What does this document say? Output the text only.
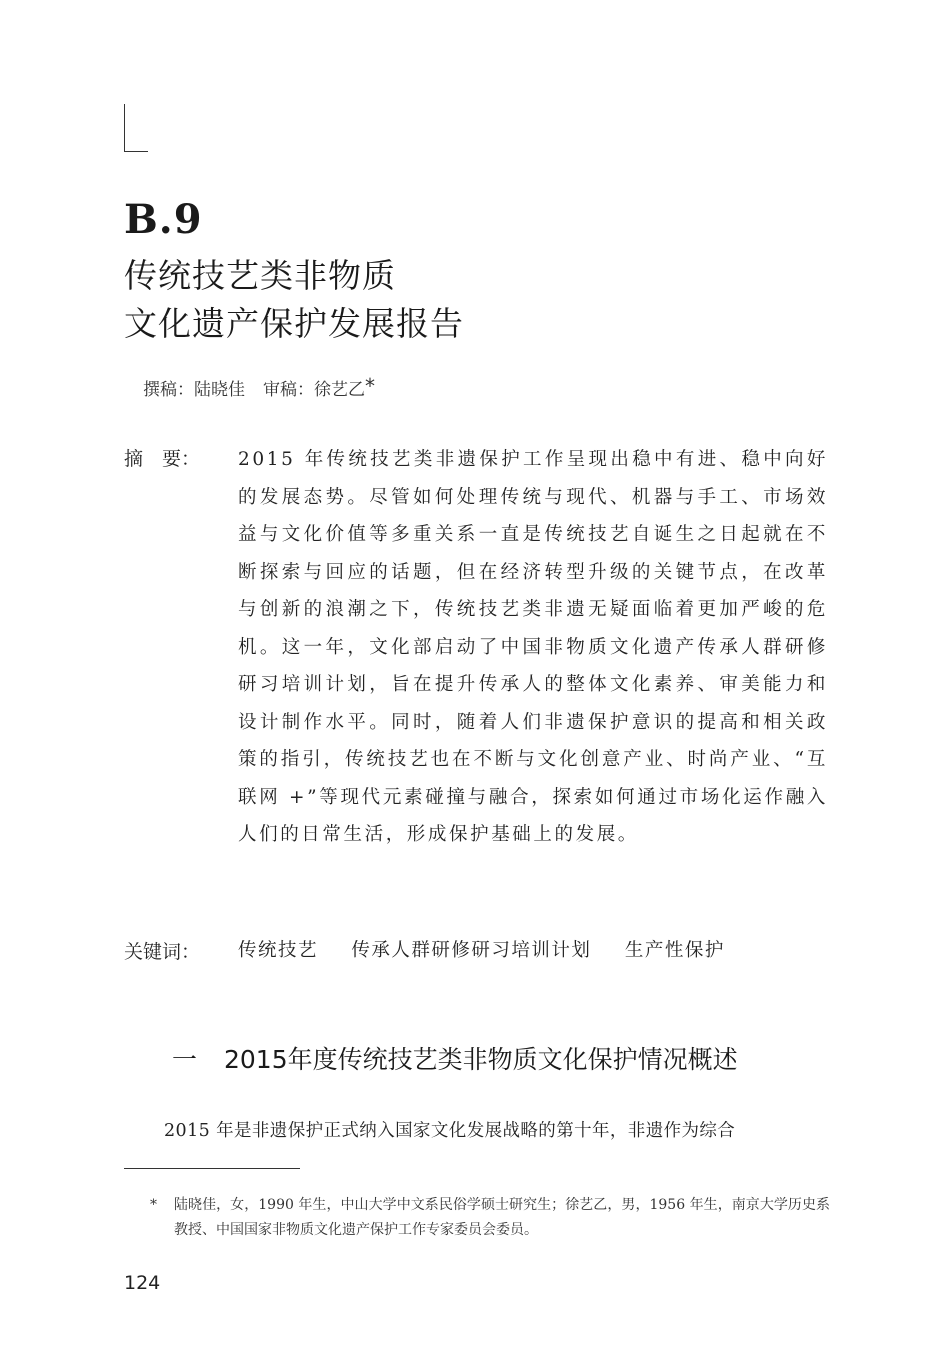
B.9
传统技艺类非物质
文化遗产保护发展报告
撰稿：陆晓佳 审稿：徐艺乙*
摘　要： 2015 年传统技艺类非遗保护工作呈现出稳中有进、稳中向好的发展态势。尽管如何处理传统与现代、机器与手工、市场效益与文化价值等多重关系一直是传统技艺自诞生之日起就在不断探索与回应的话题，但在经济转型升级的关键节点，在改革与创新的浪潮之下，传统技艺类非遗无疑面临着更加严峻的危机。这一年，文化部启动了中国非物质文化遗产传承人群研修研习培训计划，旨在提升传承人的整体文化素养、审美能力和设计制作水平。同时，随着人们非遗保护意识的提高和相关政策的指引，传统技艺也在不断与文化创意产业、时尚产业、“互联网 +”等现代元素碰撞与融合，探索如何通过市场化运作融入人们的日常生活，形成保护基础上的发展。

关键词： 传统技艺 传承人群研修研习培训计划 生产性保护
一 2015年度传统技艺类非物质文化保护情况概述

2015 年是非遗保护正式纳入国家文化发展战略的第十年，非遗作为综合

* 陆晓佳，女，1990 年生，中山大学中文系民俗学硕士研究生；徐艺乙，男，1956 年生，南京大学历史系教授、中国国家非物质文化遗产保护工作专家委员会委员。
124
